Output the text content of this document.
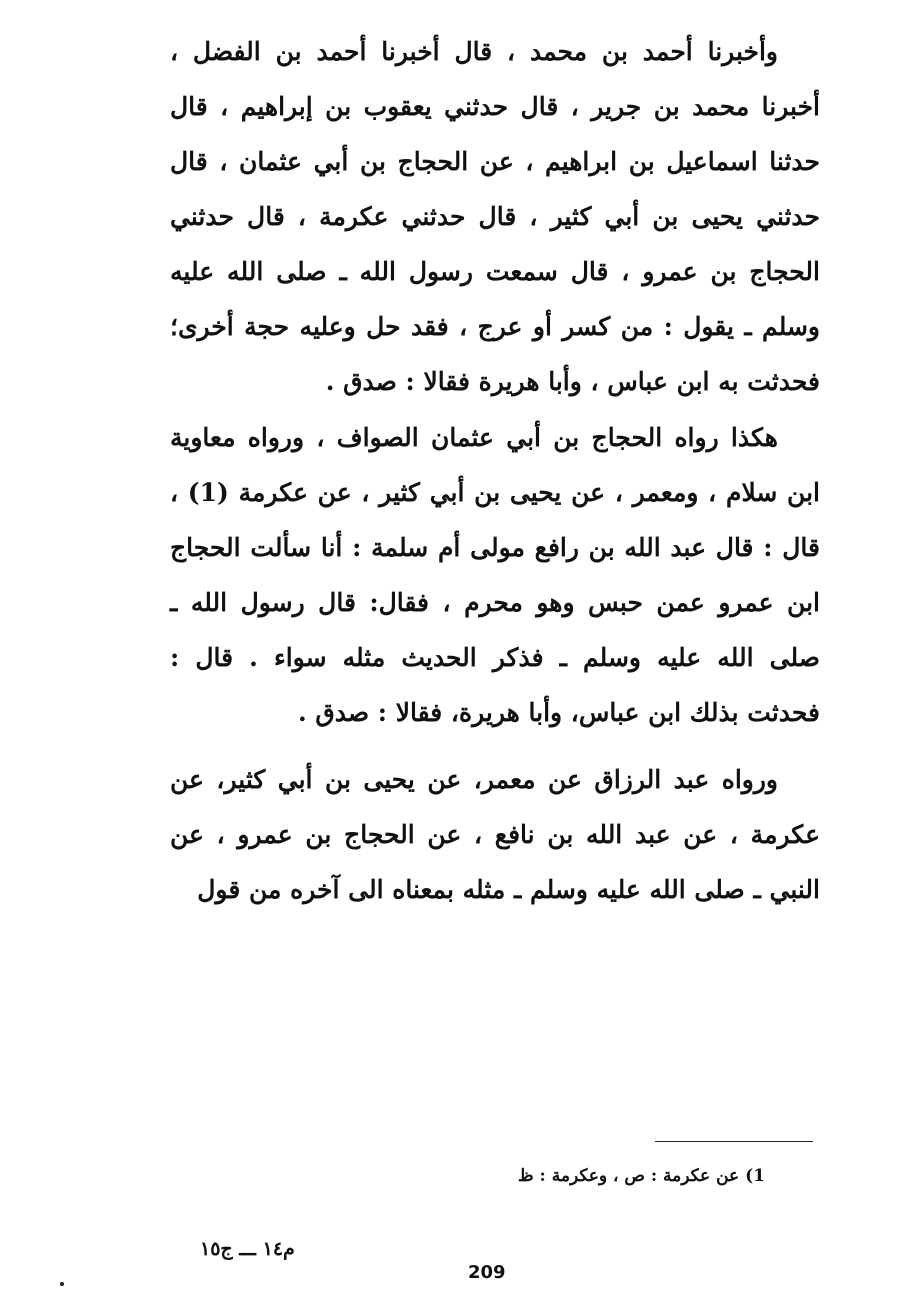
وأخبرنا أحمد بن محمد ، قال أخبرنا أحمد بن الفضل ، أخبرنا محمد بن جرير ، قال حدثني يعقوب بن إبراهيم ، قال حدثنا اسماعيل بن ابراهيم ، عن الحجاج بن أبي عثمان ، قال حدثني يحيى بن أبي كثير ، قال حدثني عكرمة ، قال حدثني الحجاج بن عمرو ، قال سمعت رسول الله ـ صلى الله عليه وسلم ـ يقول : من كسر أو عرج ، فقد حل وعليه حجة أخرى؛ فحدثت به ابن عباس ، وأبا هريرة فقالا : صدق .

هكذا رواه الحجاج بن أبي عثمان الصواف ، ورواه معاوية ابن سلام ، ومعمر ، عن يحيى بن أبي كثير ، عن عكرمة (1) ، قال : قال عبد الله بن رافع مولى أم سلمة : أنا سألت الحجاج ابن عمرو عمن حبس وهو محرم ، فقال: قال رسول الله ـ صلى الله عليه وسلم ـ فذكر الحديث مثله سواء . قال : فحدثت بذلك ابن عباس، وأبا هريرة، فقالا : صدق .

ورواه عبد الرزاق عن معمر، عن يحيى بن أبي كثير، عن عكرمة ، عن عبد الله بن نافع ، عن الحجاج بن عمرو ، عن النبي ـ صلى الله عليه وسلم ـ مثله بمعناه الى آخره من قول

1) عن عكرمة : ص ، وعكرمة : ظ
م١٤ ـــ ج١٥
209
